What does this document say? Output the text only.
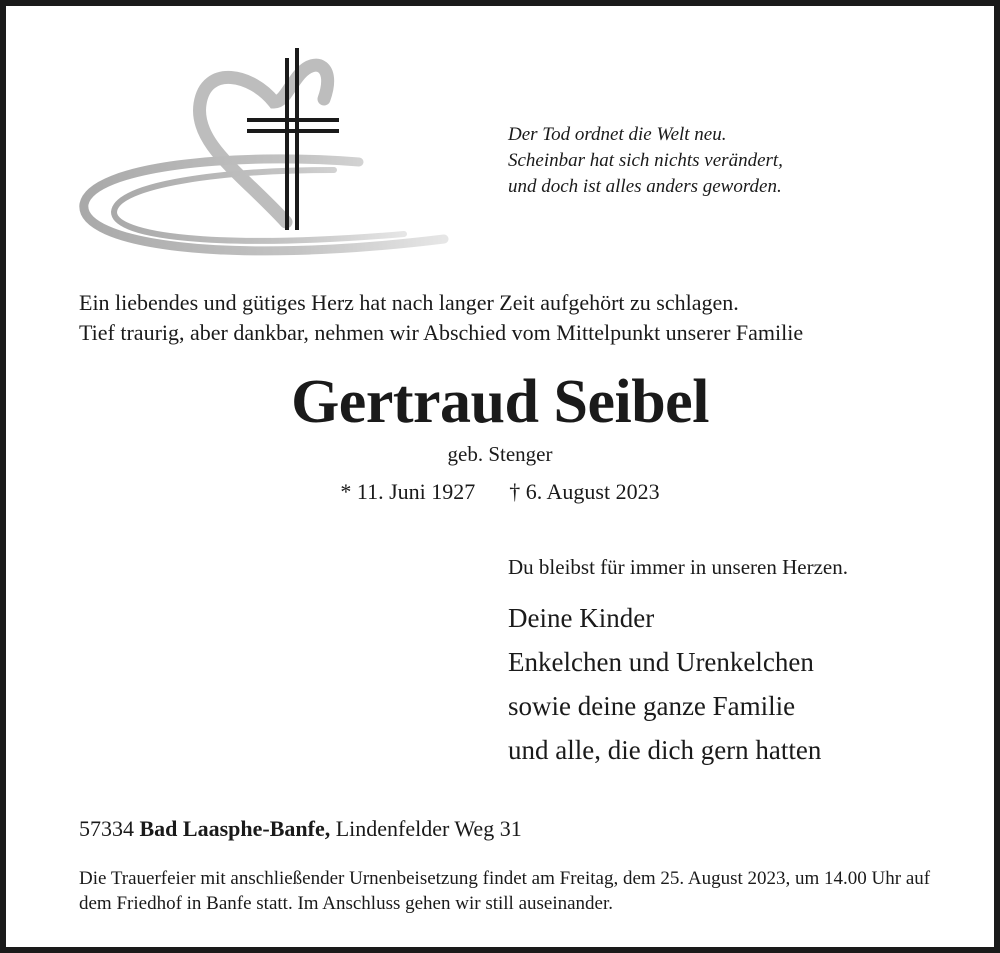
Der Tod ordnet die Welt neu.
Scheinbar hat sich nichts verändert,
und doch ist alles anders geworden.
Ein liebendes und gütiges Herz hat nach langer Zeit aufgehört zu schlagen.
Tief traurig, aber dankbar, nehmen wir Abschied vom Mittelpunkt unserer Familie
Gertraud Seibel
geb. Stenger
* 11. Juni 1927 † 6. August 2023
Du bleibst für immer in unseren Herzen.
Deine Kinder
Enkelchen und Urenkelchen
sowie deine ganze Familie
und alle, die dich gern hatten
57334 Bad Laasphe-Banfe, Lindenfelder Weg 31
Die Trauerfeier mit anschließender Urnenbeisetzung findet am Freitag, dem 25. August 2023, um 14.00 Uhr auf dem Friedhof in Banfe statt. Im Anschluss gehen wir still auseinander.
